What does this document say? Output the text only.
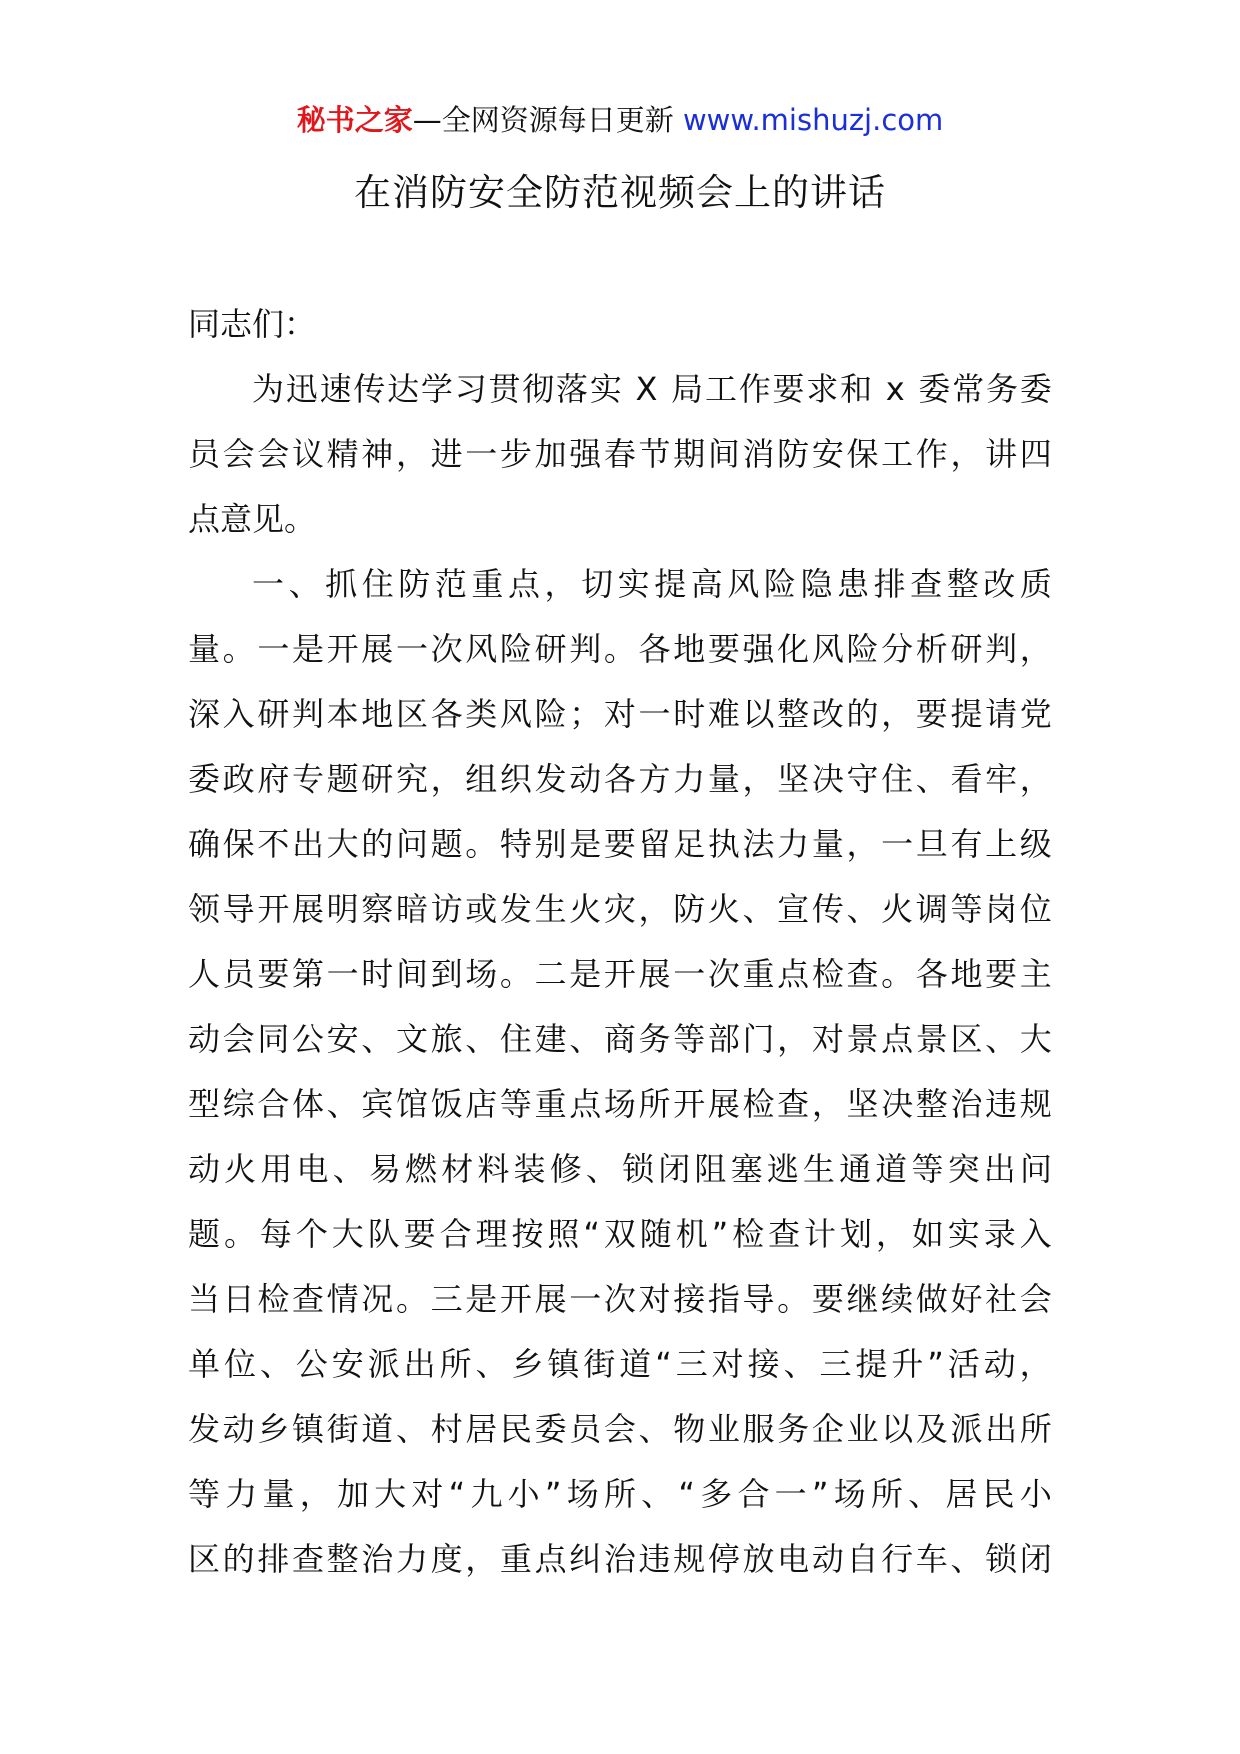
秘书之家—全网资源每日更新 www.mishuzj.com
在消防安全防范视频会上的讲话
同志们：
为 迅 速 传 达 学 习 贯 彻 落 实
X
局 工 作 要 求 和
x
委 常 务 委
员 会 会 议 精 神 ， 进 一 步 加 强 春 节 期 间 消 防 安 保 工 作 ， 讲 四
点意见。
一 、 抓 住 防 范 重 点 ， 切 实 提 高 风 险 隐 患 排 查 整 改 质
量 。 一 是 开 展 一 次 风 险 研 判 。 各 地 要 强 化 风 险 分 析 研 判 ，
深 入 研 判 本 地 区 各 类 风 险 ； 对 一 时 难 以 整 改 的 ， 要 提 请 党
委 政 府 专 题 研 究 ， 组 织 发 动 各 方 力 量 ， 坚 决 守 住 、 看 牢 ，
确 保 不 出 大 的 问 题 。 特 别 是 要 留 足 执 法 力 量 ， 一 旦 有 上 级
领 导 开 展 明 察 暗 访 或 发 生 火 灾 ， 防 火 、 宣 传 、 火 调 等 岗 位
人 员 要 第 一 时 间 到 场 。 二 是 开 展 一 次 重 点 检 查 。 各 地 要 主
动 会 同 公 安 、 文 旅 、 住 建 、 商 务 等 部 门 ， 对 景 点 景 区 、 大
型 综 合 体 、 宾 馆 饭 店 等 重 点 场 所 开 展 检 查 ， 坚 决 整 治 违 规
动 火 用 电 、 易 燃 材 料 装 修 、 锁 闭 阻 塞 逃 生 通 道 等 突 出 问
题 。 每 个 大 队 要 合 理 按 照 “ 双 随 机 ” 检 查 计 划 ， 如 实 录 入
当 日 检 查 情 况 。 三 是 开 展 一 次 对 接 指 导 。 要 继 续 做 好 社 会
单 位 、 公 安 派 出 所 、 乡 镇 街 道 “ 三 对 接 、 三 提 升 ” 活 动 ，
发 动 乡 镇 街 道 、 村 居 民 委 员 会 、 物 业 服 务 企 业 以 及 派 出 所
等 力 量 ， 加 大 对 “ 九 小 ” 场 所 、 “ 多 合 一 ” 场 所 、 居 民 小
区 的 排 查 整 治 力 度 ， 重 点 纠 治 违 规 停 放 电 动 自 行 车 、 锁 闭
